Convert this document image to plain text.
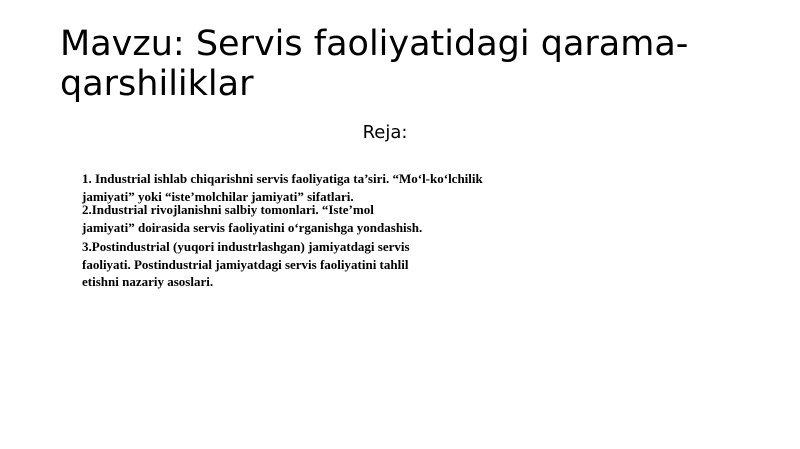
Mavzu: Servis faoliyatidagi qarama-qarshiliklar
Reja:
1. Industrial ishlab chiqarishni servis faoliyatiga ta’siri. “Mo‘l-ko‘lchilik jamiyati” yoki “iste’molchilar jamiyati” sifatlari.
2.Industrial rivojlanishni salbiy tomonlari. “Iste’mol jamiyati” doirasida servis faoliyatini o‘rganishga yondashish.
3.Postindustrial (yuqori industrlashgan) jamiyatdagi servis faoliyati. Postindustrial jamiyatdagi servis faoliyatini tahlil etishni nazariy asoslari.
